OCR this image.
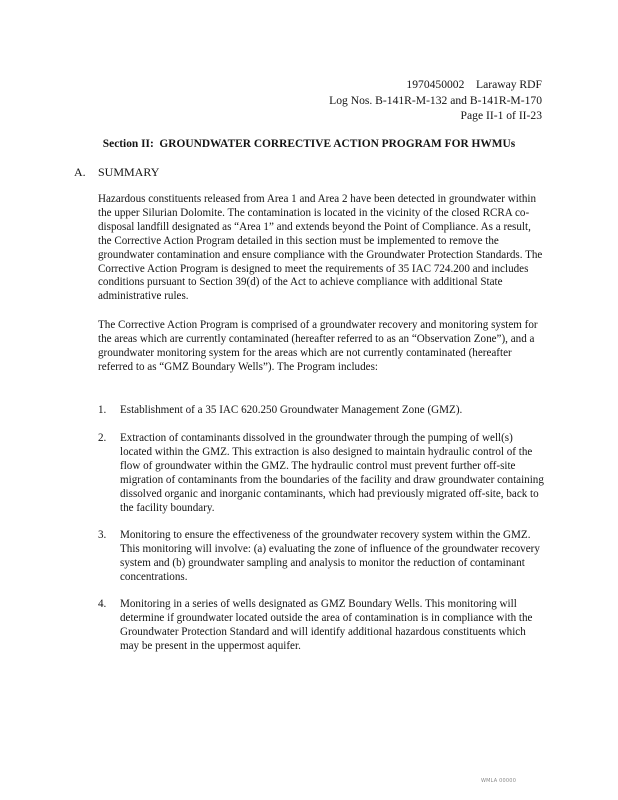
1970450002    Laraway RDF
Log Nos. B-141R-M-132 and B-141R-M-170
Page II-1 of II-23
Section II:  GROUNDWATER CORRECTIVE ACTION PROGRAM FOR HWMUs
A. SUMMARY

Hazardous constituents released from Area 1 and Area 2 have been detected in groundwater within the upper Silurian Dolomite. The contamination is located in the vicinity of the closed RCRA co-disposal landfill designated as “Area 1” and extends beyond the Point of Compliance. As a result, the Corrective Action Program detailed in this section must be implemented to remove the groundwater contamination and ensure compliance with the Groundwater Protection Standards. The Corrective Action Program is designed to meet the requirements of 35 IAC 724.200 and includes conditions pursuant to Section 39(d) of the Act to achieve compliance with additional State administrative rules.

The Corrective Action Program is comprised of a groundwater recovery and monitoring system for the areas which are currently contaminated (hereafter referred to as an “Observation Zone”), and a groundwater monitoring system for the areas which are not currently contaminated (hereafter referred to as “GMZ Boundary Wells”). The Program includes:

1.	Establishment of a 35 IAC 620.250 Groundwater Management Zone (GMZ).
2.	Extraction of contaminants dissolved in the groundwater through the pumping of well(s) located within the GMZ. This extraction is also designed to maintain hydraulic control of the flow of groundwater within the GMZ. The hydraulic control must prevent further off-site migration of contaminants from the boundaries of the facility and draw groundwater containing dissolved organic and inorganic contaminants, which had previously migrated off-site, back to the facility boundary.
3.	Monitoring to ensure the effectiveness of the groundwater recovery system within the GMZ. This monitoring will involve: (a) evaluating the zone of influence of the groundwater recovery system and (b) groundwater sampling and analysis to monitor the reduction of contaminant concentrations.
4.	Monitoring in a series of wells designated as GMZ Boundary Wells. This monitoring will determine if groundwater located outside the area of contamination is in compliance with the Groundwater Protection Standard and will identify additional hazardous constituents which may be present in the uppermost aquifer.
WMLA 00000
